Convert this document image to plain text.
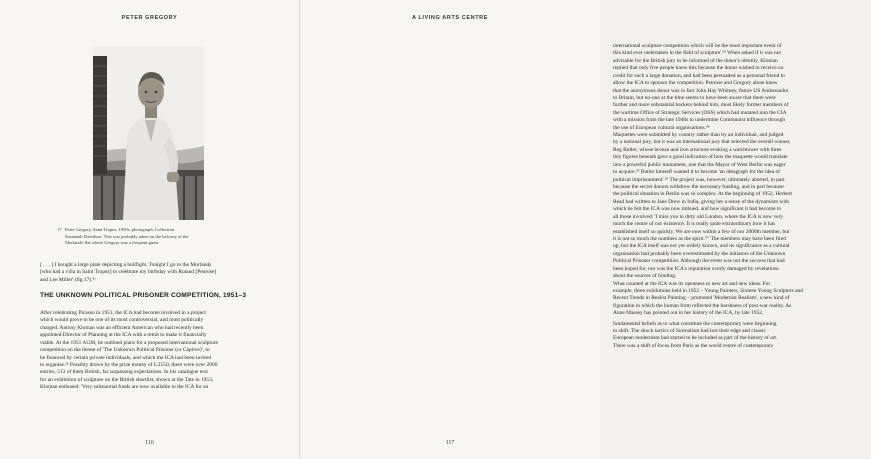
PETER GREGORY
17 Peter Gregory, Saint Tropez, 1950s, photograph, Collection
Susannah Davidson. This was probably taken on the balcony of the
Morlands' flat where Gregory was a frequent guest.
[ . . . ] I bought a large plate depicting a bullfight. Tonight I go to the Morlands
[who had a villa in Saint Tropez] to celebrate my birthday with Roland [Penrose]
and Lee Miller' (fig.17).³¹
THE UNKNOWN POLITICAL PRISONER COMPETITION, 1951–3
After celebrating Picasso in 1951, the ICA had become involved in a project
which would prove to be one of its most controversial, and most politically
charged. Antony Kloman was an efficient American who had recently been
appointed Director of Planning at the ICA with a remit to make it financially
viable. At the 1951 AGM, he outlined plans for a proposed international sculpture
competition on the theme of 'The Unknown Political Prisoner (or Captive)', to
be financed by certain private individuals, and which the ICA had been invited
to organise.³² Possibly drawn by the prize money of £,2550, there were over 2000
entries, 513 of them British, far surpassing expectations. In his catalogue text
for an exhibition of sculpture on the British shortlist, shown at the Tate in 1953,
Kloman enthused: 'Very substantial funds are now available to the ICA for an
116
A LIVING ARTS CENTRE
international sculpture competition which will be the most important event of
this kind ever undertaken in the field of sculpture'.³³ When asked if it was not
advisable for the British jury to be informed of the donor's identity, Kloman
replied that only five people knew this because the donor wished to receive no
credit for such a large donation, and had been persuaded as a personal friend to
allow the ICA to sponsor the competition. Penrose and Gregory alone knew
that the anonymous donor was in fact John Hay Whitney, future US Ambassador
to Britain, but no-one at the time seems to have been aware that there were
further and more substantial backers behind him, most likely former members of
the wartime Office of Strategic Services (OSS) which had mutated into the CIA
with a mission from the late 1940s to undermine Communist influence through
the use of European cultural organisations.³⁴
Maquettes were submitted by country rather than by an individual, and judged
by a national jury, but it was an international jury that selected the overall winner,
Reg Butler, whose bronze and iron structure evoking a watchtower with three
tiny figures beneath gave a good indication of how the maquette would translate
into a powerful public monument, one that the Mayor of West Berlin was eager
to acquire.³⁵ Butler himself wanted it to become 'an ideograph for the idea of
political imprisonment'.³⁶ The project was, however, ultimately aborted, in part
because the secret donors withdrew the necessary funding, and in part because
the political situation in Berlin was so complex. At the beginning of 1952, Herbert
Read had written to Jane Drew in India, giving her a sense of the dynamism with
which he felt the ICA was now imbued, and how significant it had become to
all those involved: 'I miss you in dirty old London, where the ICA is now very
much the centre of our existence. It is really quite extraordinary how it has
established itself so quickly. We are now within a few of our 2000th member, but
it is not so much the numbers as the spirit.'³⁷ The members may have been fired
up, but the ICA itself was not yet widely known, and its significance as a cultural
organisation had probably been overestimated by the initiators of the Unknown
Political Prisoner competition. Although the event was not the success that had
been hoped for, nor was the ICA's reputation overly damaged by revelations
about the sources of funding.
What counted at the ICA was its openness to new art and new ideas. For
example, three exhibitions held in 1952 – Young Painters, Sixteen Young Sculptors and
Recent Trends in Realist Painting – promoted 'Modernist Realism', a new kind of
figuration in which the human form reflected the harshness of post-war reality. As
Anne Massey has pointed out in her history of the ICA, by late 1952,
fundamental beliefs as to what constitute the contemporary were beginning
to shift. The shock tactics of Surrealism had lost their edge and classic
European modernism had started to be included as part of the history of art.
There was a shift of focus from Paris as the world centre of contemporary
117
